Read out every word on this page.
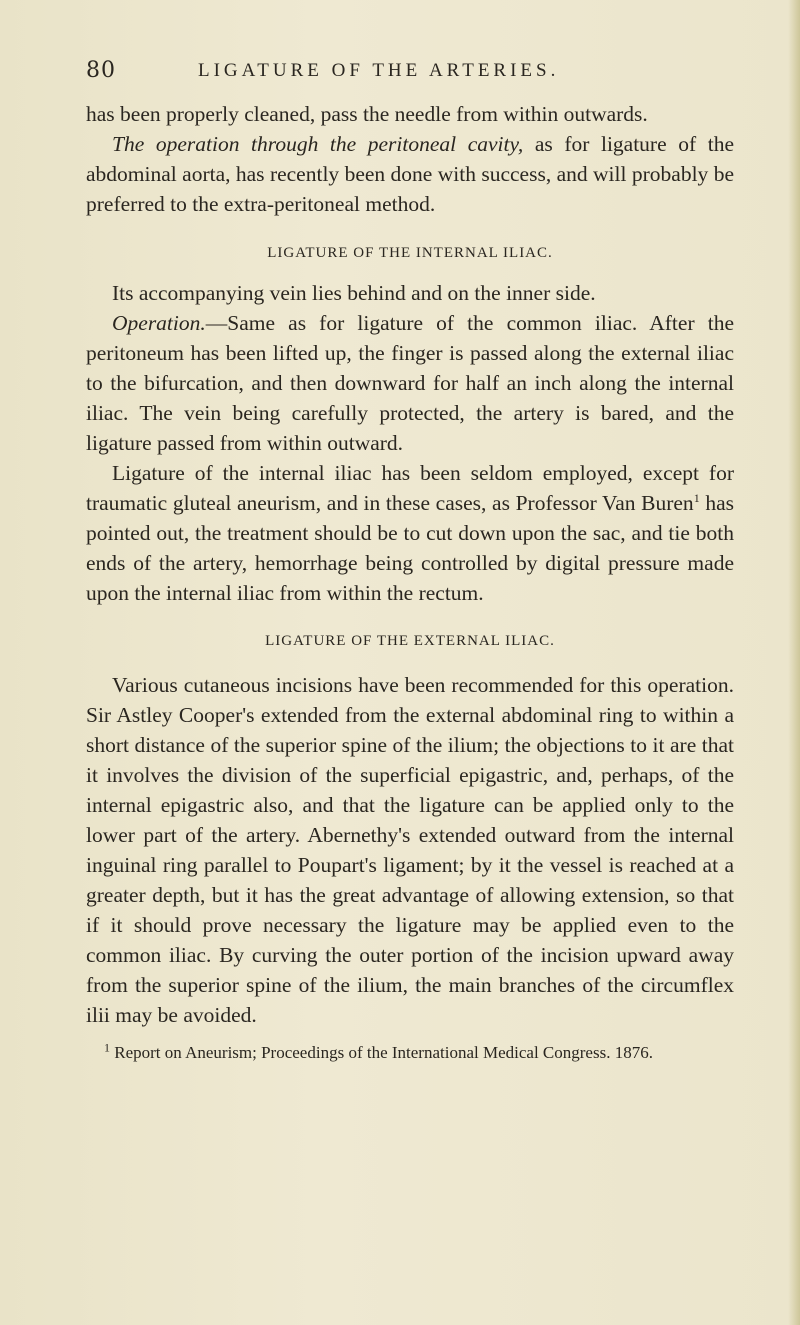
80	LIGATURE OF THE ARTERIES.

has been properly cleaned, pass the needle from within outwards.

The operation through the peritoneal cavity, as for ligature of the abdominal aorta, has recently been done with success, and will probably be preferred to the extra-peritoneal method.

LIGATURE OF THE INTERNAL ILIAC.

Its accompanying vein lies behind and on the inner side.

Operation.—Same as for ligature of the common iliac. After the peritoneum has been lifted up, the finger is passed along the external iliac to the bifurcation, and then downward for half an inch along the internal iliac. The vein being carefully protected, the artery is bared, and the ligature passed from within outward.

Ligature of the internal iliac has been seldom employed, except for traumatic gluteal aneurism, and in these cases, as Professor Van Buren$^1$ has pointed out, the treatment should be to cut down upon the sac, and tie both ends of the artery, hemorrhage being controlled by digital pressure made upon the internal iliac from within the rectum.

LIGATURE OF THE EXTERNAL ILIAC.

Various cutaneous incisions have been recommended for this operation. Sir Astley Cooper's extended from the external abdominal ring to within a short distance of the superior spine of the ilium; the objections to it are that it involves the division of the superficial epigastric, and, perhaps, of the internal epigastric also, and that the ligature can be applied only to the lower part of the artery. Abernethy's extended outward from the internal inguinal ring parallel to Poupart's ligament; by it the vessel is reached at a greater depth, but it has the great advantage of allowing extension, so that if it should prove necessary the ligature may be applied even to the common iliac. By curving the outer portion of the incision upward away from the superior spine of the ilium, the main branches of the circumflex ilii may be avoided.

$^1$ Report on Aneurism; Proceedings of the International Medical Congress. 1876.
